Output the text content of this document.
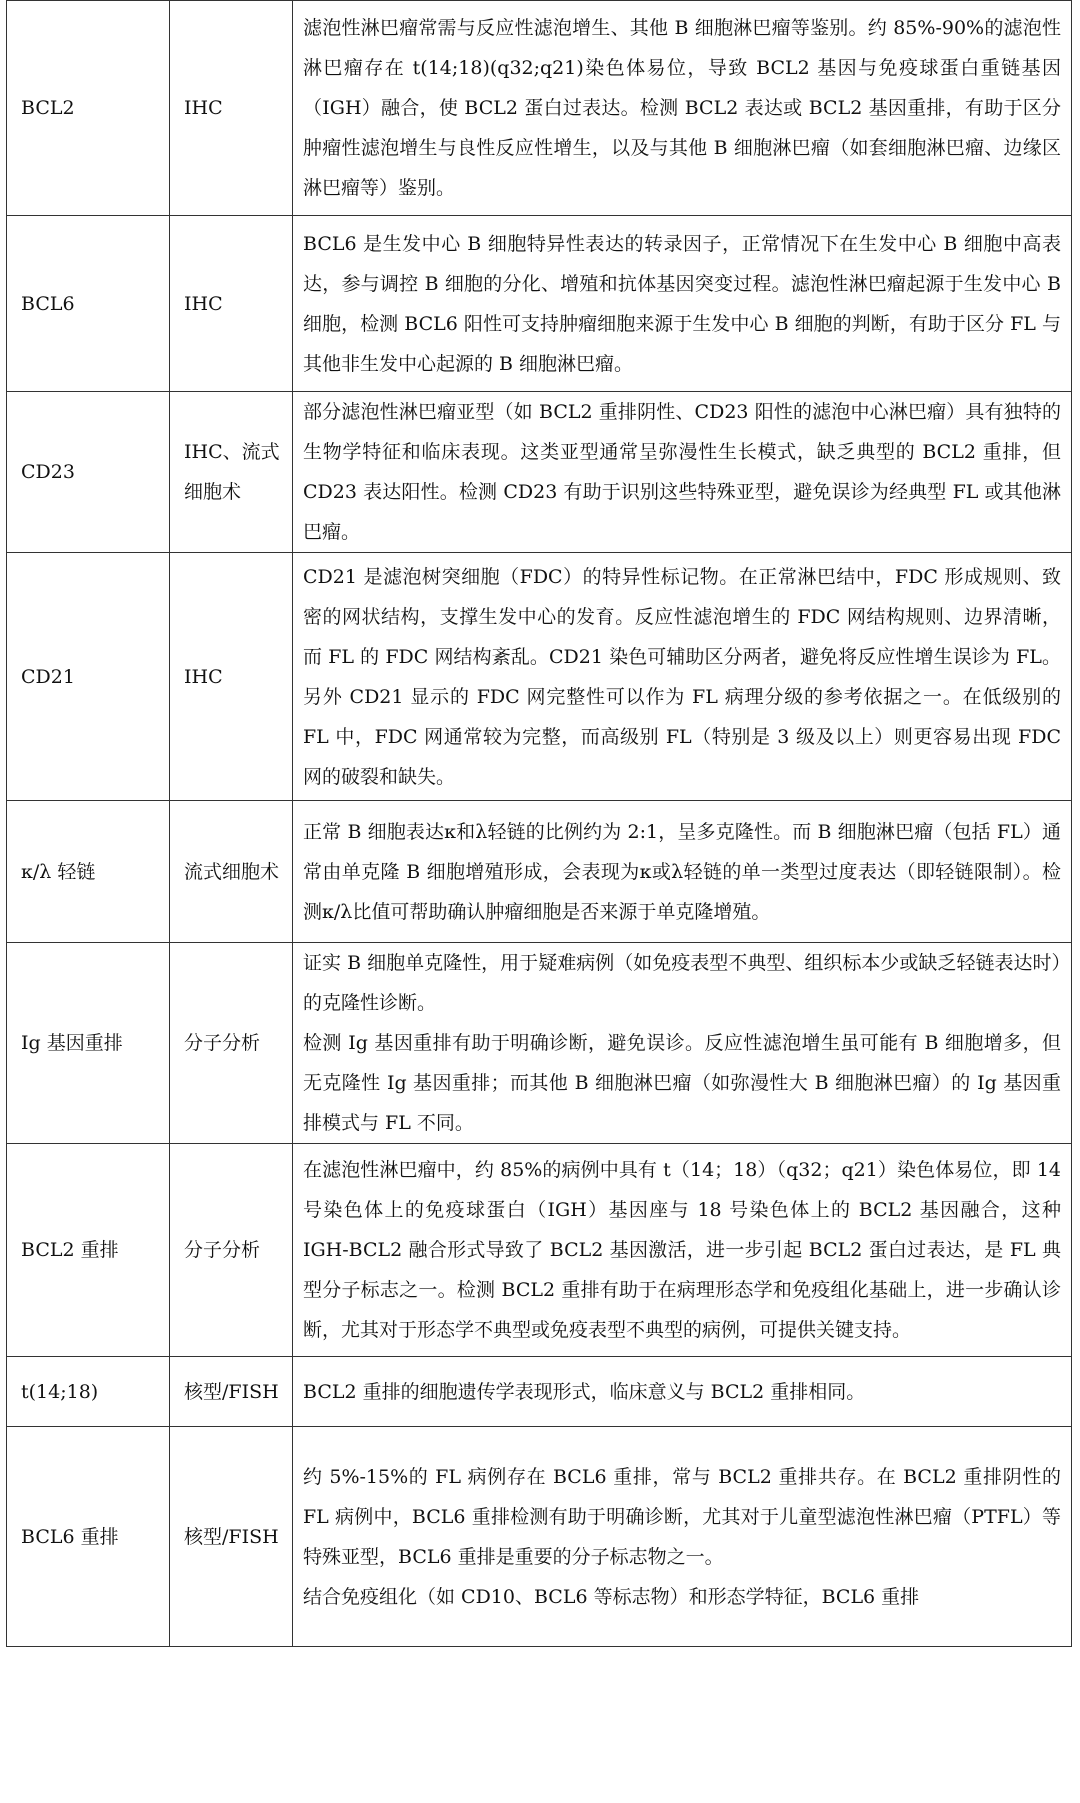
BCL2	IHC	滤泡性淋巴瘤常需与反应性滤泡增生、其他 B 细胞淋巴瘤等鉴别。约 85%-90%的滤泡性淋巴瘤存在 t(14;18)(q32;q21)染色体易位，导致 BCL2 基因与免疫球蛋白重链基因（IGH）融合，使 BCL2 蛋白过表达。检测 BCL2 表达或 BCL2 基因重排，有助于区分肿瘤性滤泡增生与良性反应性增生，以及与其他 B 细胞淋巴瘤（如套细胞淋巴瘤、边缘区淋巴瘤等）鉴别。

BCL6	IHC	BCL6 是生发中心 B 细胞特异性表达的转录因子，正常情况下在生发中心 B 细胞中高表达，参与调控 B 细胞的分化、增殖和抗体基因突变过程。滤泡性淋巴瘤起源于生发中心 B 细胞，检测 BCL6 阳性可支持肿瘤细胞来源于生发中心 B 细胞的判断，有助于区分 FL 与其他非生发中心起源的 B 细胞淋巴瘤。

CD23	IHC、流式细胞术	部分滤泡性淋巴瘤亚型（如 BCL2 重排阴性、CD23 阳性的滤泡中心淋巴瘤）具有独特的生物学特征和临床表现。这类亚型通常呈弥漫性生长模式，缺乏典型的 BCL2 重排，但 CD23 表达阳性。检测 CD23 有助于识别这些特殊亚型，避免误诊为经典型 FL 或其他淋巴瘤。

CD21	IHC	CD21 是滤泡树突细胞（FDC）的特异性标记物。在正常淋巴结中，FDC 形成规则、致密的网状结构，支撑生发中心的发育。反应性滤泡增生的 FDC 网结构规则、边界清晰，而 FL 的 FDC 网结构紊乱。CD21 染色可辅助区分两者，避免将反应性增生误诊为 FL。另外 CD21 显示的 FDC 网完整性可以作为 FL 病理分级的参考依据之一。在低级别的 FL 中，FDC 网通常较为完整，而高级别 FL（特别是 3 级及以上）则更容易出现 FDC 网的破裂和缺失。

κ/λ 轻链	流式细胞术	正常 B 细胞表达κ和λ轻链的比例约为 2:1，呈多克隆性。而 B 细胞淋巴瘤（包括 FL）通常由单克隆 B 细胞增殖形成，会表现为κ或λ轻链的单一类型过度表达（即轻链限制）。检测κ/λ比值可帮助确认肿瘤细胞是否来源于单克隆增殖。

Ig 基因重排	分子分析	证实 B 细胞单克隆性，用于疑难病例（如免疫表型不典型、组织标本少或缺乏轻链表达时）的克隆性诊断。
检测 Ig 基因重排有助于明确诊断，避免误诊。反应性滤泡增生虽可能有 B 细胞增多，但无克隆性 Ig 基因重排；而其他 B 细胞淋巴瘤（如弥漫性大 B 细胞淋巴瘤）的 Ig 基因重排模式与 FL 不同。

BCL2 重排	分子分析	在滤泡性淋巴瘤中，约 85%的病例中具有 t（14；18）（q32；q21）染色体易位，即 14 号染色体上的免疫球蛋白（IGH）基因座与 18 号染色体上的 BCL2 基因融合，这种 IGH-BCL2 融合形式导致了 BCL2 基因激活，进一步引起 BCL2 蛋白过表达，是 FL 典型分子标志之一。检测 BCL2 重排有助于在病理形态学和免疫组化基础上，进一步确认诊断，尤其对于形态学不典型或免疫表型不典型的病例，可提供关键支持。

t(14;18)	核型/FISH	BCL2 重排的细胞遗传学表现形式，临床意义与 BCL2 重排相同。

BCL6 重排	核型/FISH	约 5%-15%的 FL 病例存在 BCL6 重排，常与 BCL2 重排共存。在 BCL2 重排阴性的 FL 病例中，BCL6 重排检测有助于明确诊断，尤其对于儿童型滤泡性淋巴瘤（PTFL）等特殊亚型，BCL6 重排是重要的分子标志物之一。
结合免疫组化（如 CD10、BCL6 等标志物）和形态学特征，BCL6 重排
